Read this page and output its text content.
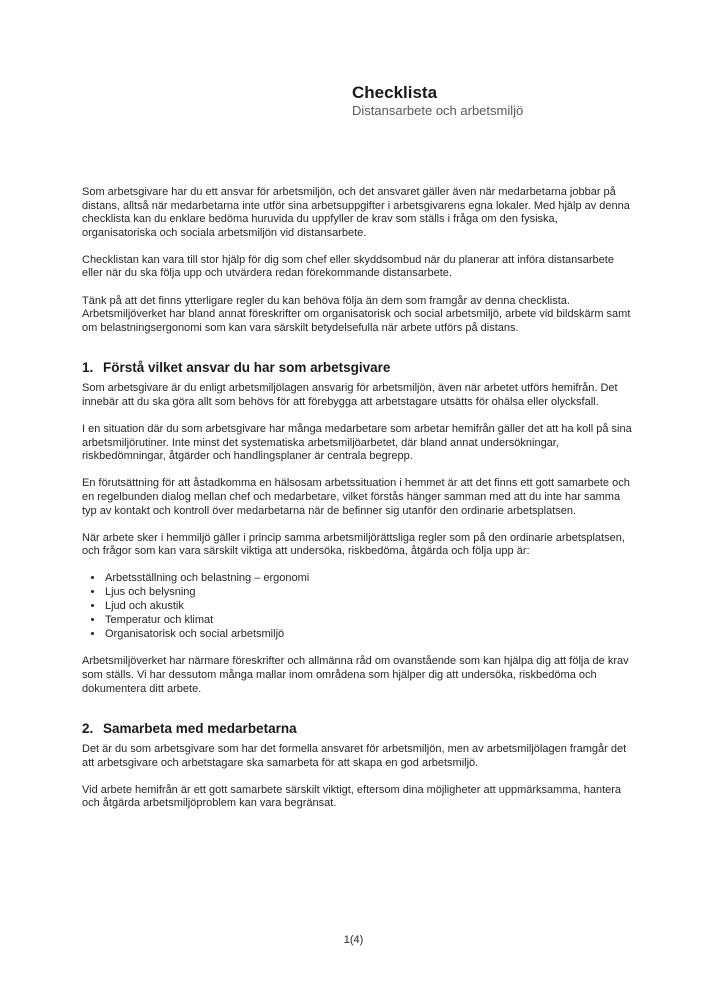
Checklista
Distansarbete och arbetsmiljö

Som arbetsgivare har du ett ansvar för arbetsmiljön, och det ansvaret gäller även när medarbetarna jobbar på distans, alltså när medarbetarna inte utför sina arbetsuppgifter i arbetsgivarens egna lokaler. Med hjälp av denna checklista kan du enklare bedöma huruvida du uppfyller de krav som ställs i fråga om den fysiska, organisatoriska och sociala arbetsmiljön vid distansarbete.

Checklistan kan vara till stor hjälp för dig som chef eller skyddsombud när du planerar att införa distansarbete eller när du ska följa upp och utvärdera redan förekommande distansarbete.

Tänk på att det finns ytterligare regler du kan behöva följa än dem som framgår av denna checklista. Arbetsmiljöverket har bland annat föreskrifter om organisatorisk och social arbetsmiljö, arbete vid bildskärm samt om belastningsergonomi som kan vara särskilt betydelsefulla när arbete utförs på distans.

1. Förstå vilket ansvar du har som arbetsgivare

Som arbetsgivare är du enligt arbetsmiljölagen ansvarig för arbetsmiljön, även när arbetet utförs hemifrån. Det innebär att du ska göra allt som behövs för att förebygga att arbetstagare utsätts för ohälsa eller olycksfall.

I en situation där du som arbetsgivare har många medarbetare som arbetar hemifrån gäller det att ha koll på sina arbetsmiljörutiner. Inte minst det systematiska arbetsmiljöarbetet, där bland annat undersökningar, riskbedömningar, åtgärder och handlingsplaner är centrala begrepp.

En förutsättning för att åstadkomma en hälsosam arbetssituation i hemmet är att det finns ett gott samarbete och en regelbunden dialog mellan chef och medarbetare, vilket förstås hänger samman med att du inte har samma typ av kontakt och kontroll över medarbetarna när de befinner sig utanför den ordinarie arbetsplatsen.

När arbete sker i hemmiljö gäller i princip samma arbetsmiljörättsliga regler som på den ordinarie arbetsplatsen, och frågor som kan vara särskilt viktiga att undersöka, riskbedöma, åtgärda och följa upp är:

• Arbetsställning och belastning – ergonomi
• Ljus och belysning
• Ljud och akustik
• Temperatur och klimat
• Organisatorisk och social arbetsmiljö

Arbetsmiljöverket har närmare föreskrifter och allmänna råd om ovanstående som kan hjälpa dig att följa de krav som ställs. Vi har dessutom många mallar inom områdena som hjälper dig att undersöka, riskbedöma och dokumentera ditt arbete.

2. Samarbeta med medarbetarna

Det är du som arbetsgivare som har det formella ansvaret för arbetsmiljön, men av arbetsmiljölagen framgår det att arbetsgivare och arbetstagare ska samarbeta för att skapa en god arbetsmiljö.

Vid arbete hemifrån är ett gott samarbete särskilt viktigt, eftersom dina möjligheter att uppmärksamma, hantera och åtgärda arbetsmiljöproblem kan vara begränsat.

1(4)
